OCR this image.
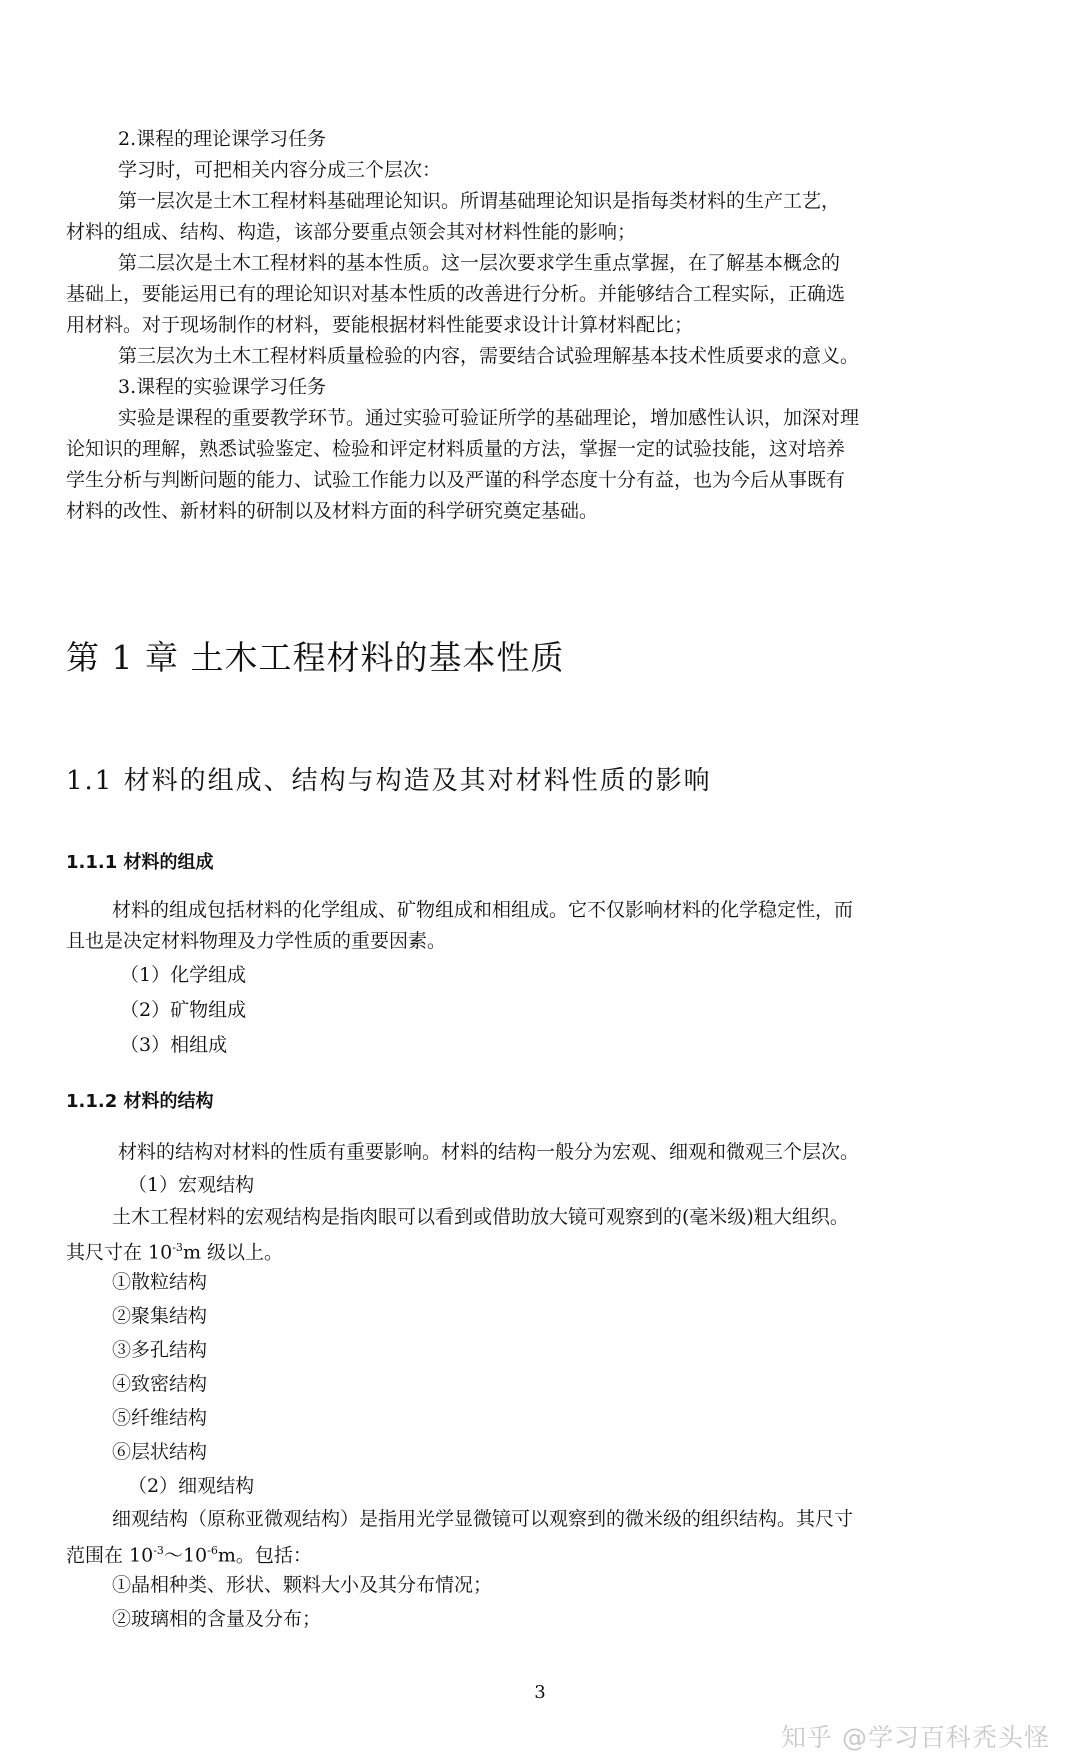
2.课程的理论课学习任务
学习时，可把相关内容分成三个层次：
第一层次是土木工程材料基础理论知识。所谓基础理论知识是指每类材料的生产工艺，
材料的组成、结构、构造，该部分要重点领会其对材料性能的影响；
第二层次是土木工程材料的基本性质。这一层次要求学生重点掌握，在了解基本概念的
基础上，要能运用已有的理论知识对基本性质的改善进行分析。并能够结合工程实际，正确选
用材料。对于现场制作的材料，要能根据材料性能要求设计计算材料配比；
第三层次为土木工程材料质量检验的内容，需要结合试验理解基本技术性质要求的意义。
3.课程的实验课学习任务
实验是课程的重要教学环节。通过实验可验证所学的基础理论，增加感性认识，加深对理
论知识的理解，熟悉试验鉴定、检验和评定材料质量的方法，掌握一定的试验技能，这对培养
学生分析与判断问题的能力、试验工作能力以及严谨的科学态度十分有益，也为今后从事既有
材料的改性、新材料的研制以及材料方面的科学研究奠定基础。
第 1 章 土木工程材料的基本性质
1.1 材料的组成、结构与构造及其对材料性质的影响
1.1.1 材料的组成
材料的组成包括材料的化学组成、矿物组成和相组成。它不仅影响材料的化学稳定性，而
且也是决定材料物理及力学性质的重要因素。
（1）化学组成
（2）矿物组成
（3）相组成
1.1.2 材料的结构
材料的结构对材料的性质有重要影响。材料的结构一般分为宏观、细观和微观三个层次。
（1）宏观结构
土木工程材料的宏观结构是指肉眼可以看到或借助放大镜可观察到的(毫米级)粗大组织。
其尺寸在 $10^{-3}m$ 级以上。
①散粒结构
②聚集结构
③多孔结构
④致密结构
⑤纤维结构
⑥层状结构
（2）细观结构
细观结构（原称亚微观结构）是指用光学显微镜可以观察到的微米级的组织结构。其尺寸
范围在 $10^{-3}\sim 10^{-6}m$。包括：
①晶相种类、形状、颗料大小及其分布情况；
②玻璃相的含量及分布；
3
知乎 @学习百科秃头怪
